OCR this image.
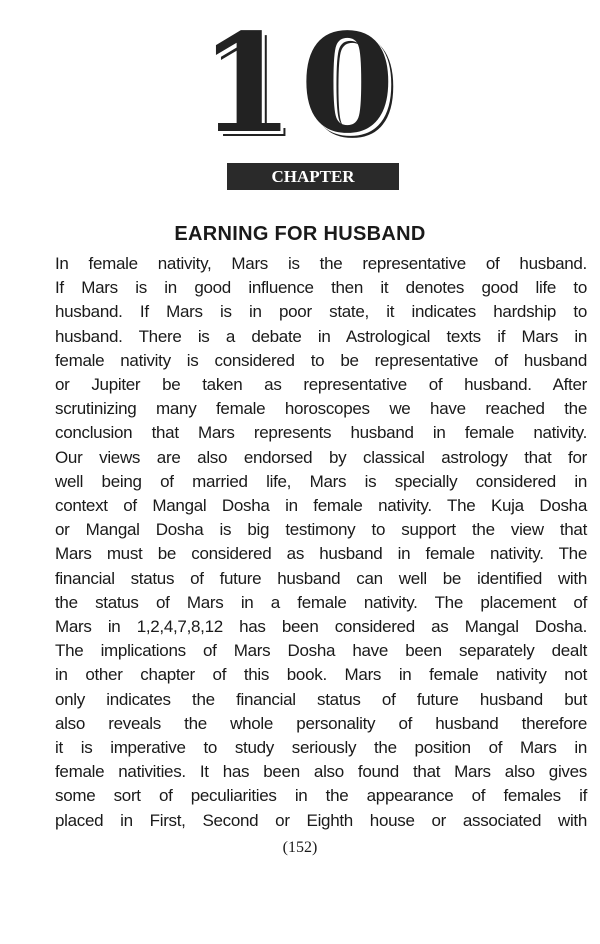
10
CHAPTER
EARNING FOR HUSBAND
In female nativity, Mars is the representative of husband.
If Mars is in good influence then it denotes good life to
husband. If Mars is in poor state, it indicates hardship to
husband. There is a debate in Astrological texts if Mars in
female nativity is considered to be representative of husband
or Jupiter be taken as representative of husband. After
scrutinizing many female horoscopes we have reached the
conclusion that Mars represents husband in female nativity.
Our views are also endorsed by classical astrology that for
well being of married life, Mars is specially considered in
context of Mangal Dosha in female nativity. The Kuja Dosha
or Mangal Dosha is big testimony to support the view that
Mars must be considered as husband in female nativity. The
financial status of future husband can well be identified with
the status of Mars in a female nativity. The placement of
Mars in 1,2,4,7,8,12 has been considered as Mangal Dosha.
The implications of Mars Dosha have been separately dealt
in other chapter of this book. Mars in female nativity not
only indicates the financial status of future husband but
also reveals the whole personality of husband therefore
it is imperative to study seriously the position of Mars in
female nativities. It has been also found that Mars also gives
some sort of peculiarities in the appearance of females if
placed in First, Second or Eighth house or associated with
(152)
